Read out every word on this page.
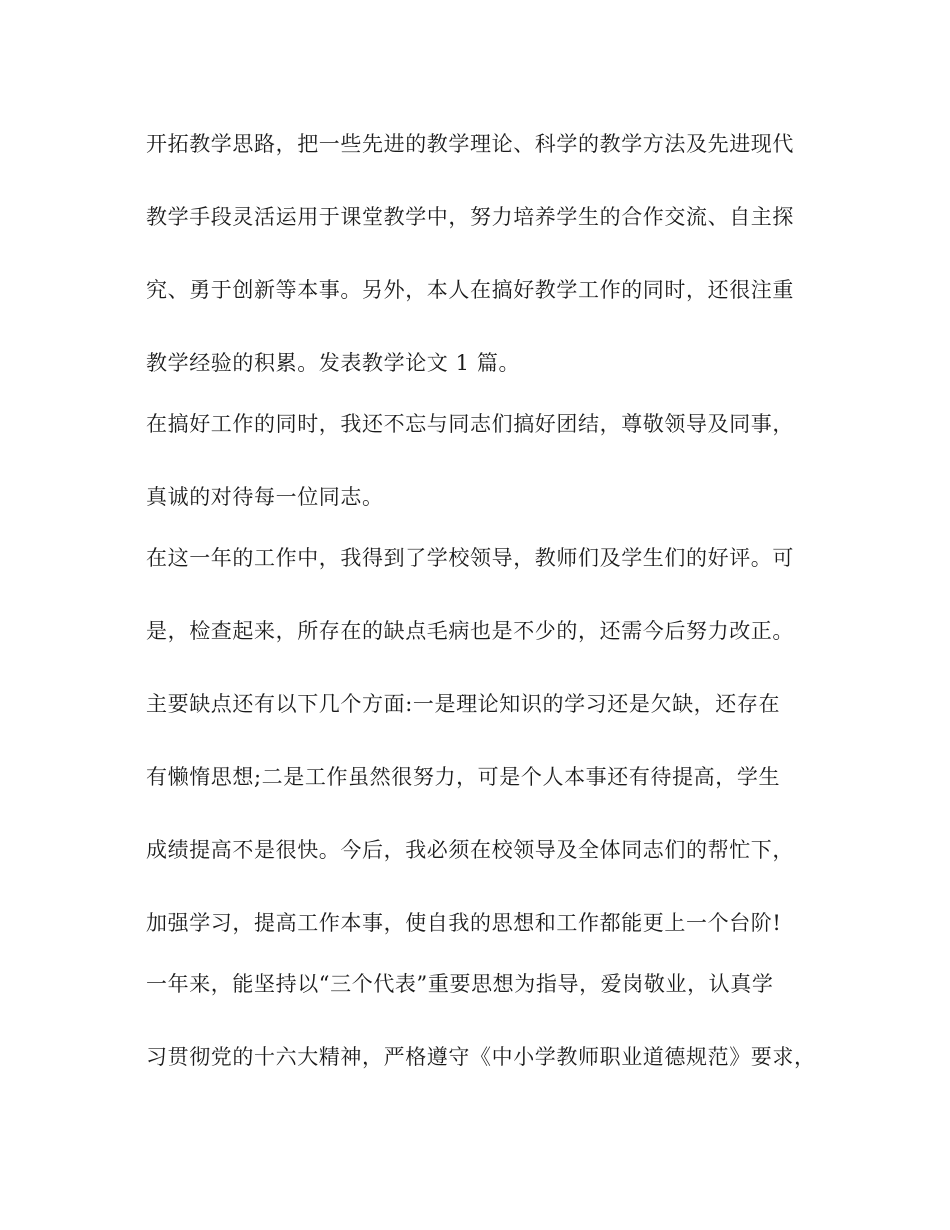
开拓教学思路，把一些先进的教学理论、科学的教学方法及先进现代
教学手段灵活运用于课堂教学中，努力培养学生的合作交流、自主探
究、勇于创新等本事。另外，本人在搞好教学工作的同时，还很注重
教学经验的积累。发表教学论文 1 篇。
在搞好工作的同时，我还不忘与同志们搞好团结，尊敬领导及同事，
真诚的对待每一位同志。
在这一年的工作中，我得到了学校领导，教师们及学生们的好评。可
是，检查起来，所存在的缺点毛病也是不少的，还需今后努力改正。
主要缺点还有以下几个方面:一是理论知识的学习还是欠缺，还存在
有懒惰思想;二是工作虽然很努力，可是个人本事还有待提高，学生
成绩提高不是很快。今后，我必须在校领导及全体同志们的帮忙下，
加强学习，提高工作本事，使自我的思想和工作都能更上一个台阶!
一年来，能坚持以“三个代表”重要思想为指导，爱岗敬业，认真学
习贯彻党的十六大精神，严格遵守《中小学教师职业道德规范》要求，
